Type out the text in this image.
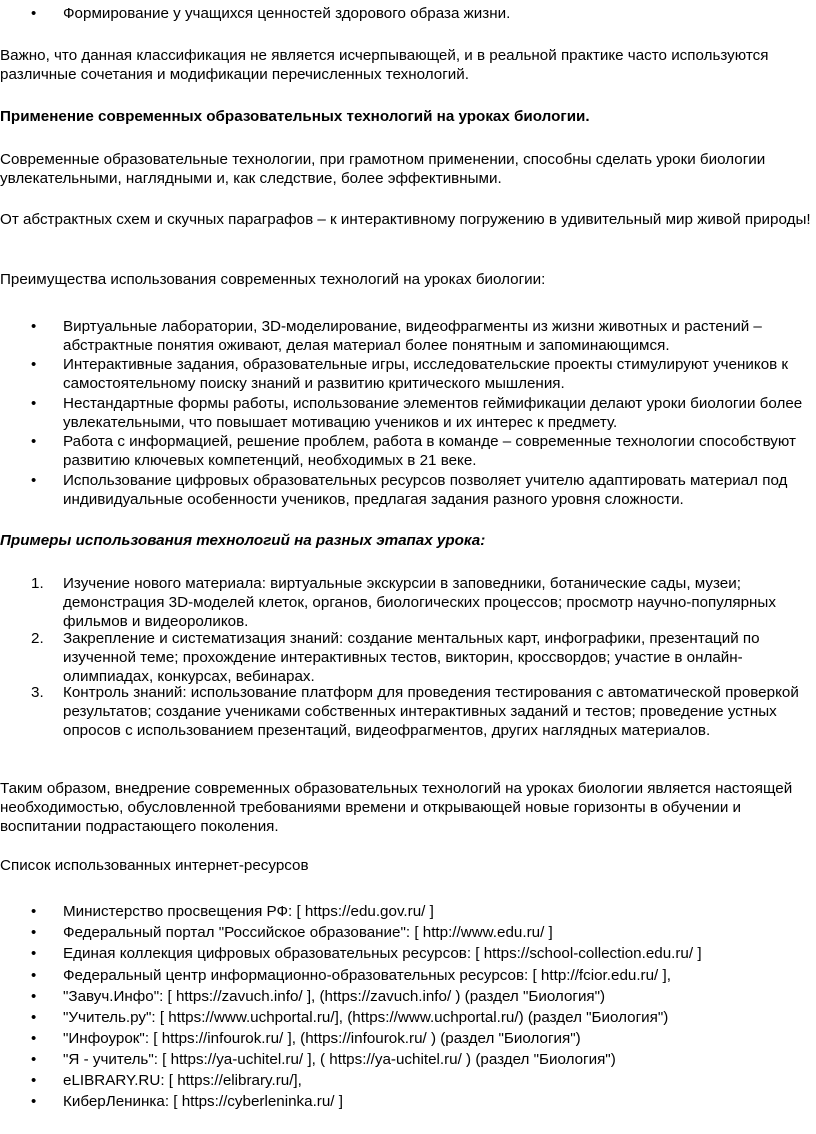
•	Формирование у учащихся ценностей здорового образа жизни.

Важно, что данная классификация не является исчерпывающей, и в реальной практике часто используются различные сочетания и модификации перечисленных технологий.

Применение современных образовательных технологий на уроках биологии.

Современные образовательные технологии, при грамотном применении, способны сделать уроки биологии увлекательными, наглядными и, как следствие, более эффективными.

От абстрактных схем и скучных параграфов – к интерактивному погружению в удивительный мир живой природы!

Преимущества использования современных технологий на уроках биологии:

•	Виртуальные лаборатории, 3D-моделирование, видеофрагменты из жизни животных и растений – абстрактные понятия оживают, делая материал более понятным и запоминающимся.

•	Интерактивные задания, образовательные игры, исследовательские проекты стимулируют учеников к самостоятельному поиску знаний и развитию критического мышления.

•	Нестандартные формы работы, использование элементов геймификации делают уроки биологии более увлекательными, что повышает мотивацию учеников и их интерес к предмету.

•	Работа с информацией, решение проблем, работа в команде – современные технологии способствуют развитию ключевых компетенций, необходимых в 21 веке.

•	Использование цифровых образовательных ресурсов позволяет учителю адаптировать материал под индивидуальные особенности учеников, предлагая задания разного уровня сложности.

Примеры использования технологий на разных этапах урока:

1.	Изучение нового материала: виртуальные экскурсии в заповедники, ботанические сады, музеи; демонстрация 3D-моделей клеток, органов, биологических процессов; просмотр научно-популярных фильмов и видеороликов.

2.	Закрепление и систематизация знаний: создание ментальных карт, инфографики, презентаций по изученной теме; прохождение интерактивных тестов, викторин, кроссвордов; участие в онлайн-олимпиадах, конкурсах, вебинарах.

3.	Контроль знаний: использование платформ для проведения тестирования с автоматической проверкой результатов; создание учениками собственных интерактивных заданий и тестов; проведение устных опросов с использованием презентаций, видеофрагментов, других наглядных материалов.

Таким образом, внедрение современных образовательных технологий на уроках биологии является настоящей необходимостью, обусловленной требованиями времени и открывающей новые горизонты в обучении и воспитании подрастающего поколения.

Список использованных интернет-ресурсов

•	Министерство просвещения РФ: [ https://edu.gov.ru/ ]

•	Федеральный портал "Российское образование": [ http://www.edu.ru/ ]

•	Единая коллекция цифровых образовательных ресурсов: [ https://school-collection.edu.ru/ ]

•	Федеральный центр информационно-образовательных ресурсов: [ http://fcior.edu.ru/ ],

•	"Завуч.Инфо": [ https://zavuch.info/ ], (https://zavuch.info/ ) (раздел "Биология")

•	"Учитель.ру": [ https://www.uchportal.ru/], (https://www.uchportal.ru/) (раздел "Биология")

•	"Инфоурок": [ https://infourok.ru/ ], (https://infourok.ru/ ) (раздел "Биология")

•	"Я - учитель": [ https://ya-uchitel.ru/ ], ( https://ya-uchitel.ru/ ) (раздел "Биология")

•	eLIBRARY.RU: [ https://elibrary.ru/],

•	КиберЛенинка: [ https://cyberleninka.ru/ ]
